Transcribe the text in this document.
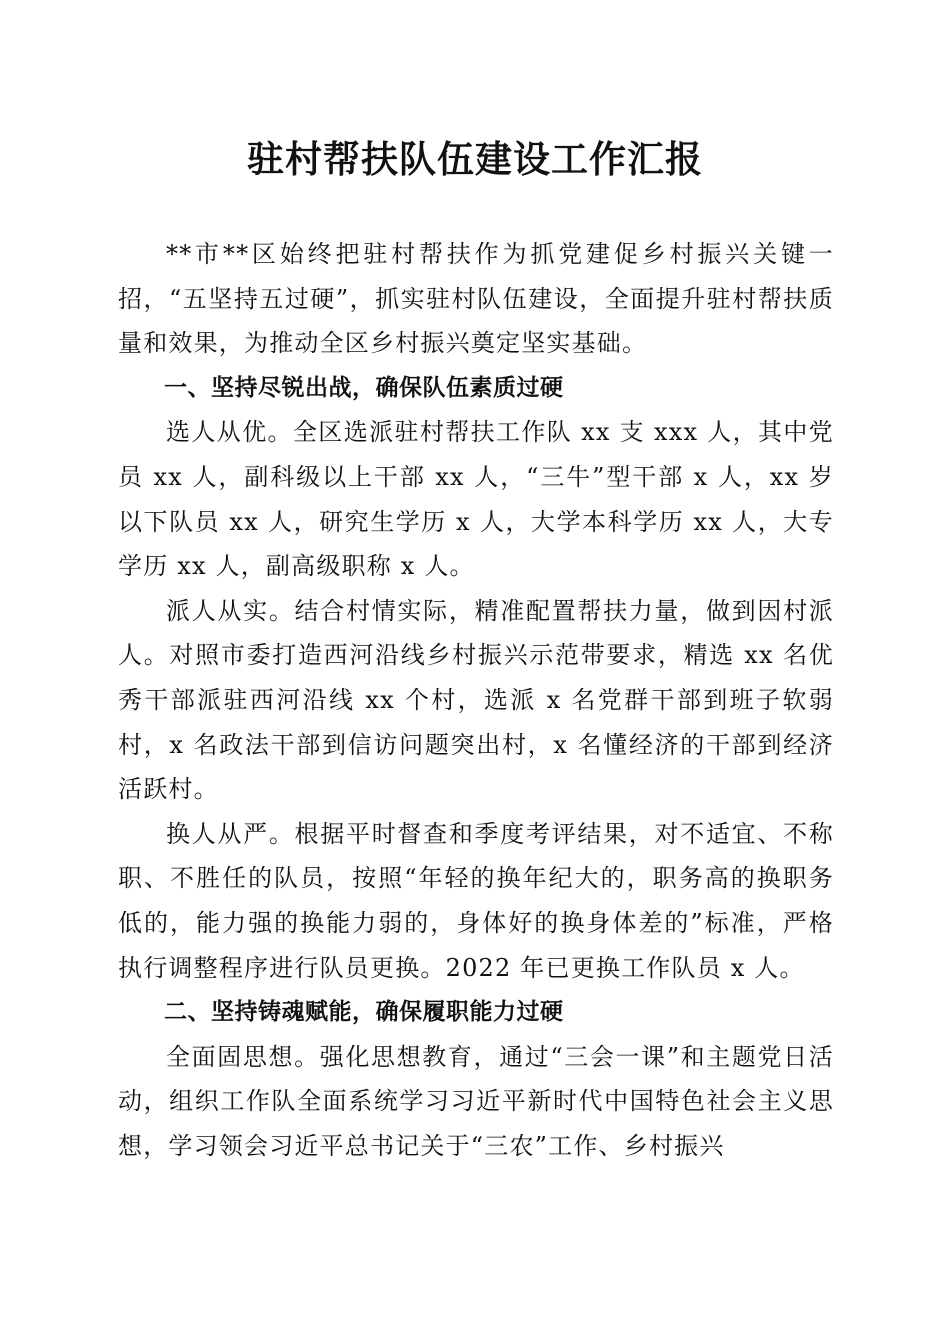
驻村帮扶队伍建设工作汇报

**市**区始终把驻村帮扶作为抓党建促乡村振兴关键一招，“五坚持五过硬”，抓实驻村队伍建设，全面提升驻村帮扶质量和效果，为推动全区乡村振兴奠定坚实基础。

一、坚持尽锐出战，确保队伍素质过硬

选人从优。全区选派驻村帮扶工作队 xx 支 xxx 人，其中党员 xx 人，副科级以上干部 xx 人，“三牛”型干部 x 人，xx 岁以下队员 xx 人，研究生学历 x 人，大学本科学历 xx 人，大专学历 xx 人，副高级职称 x 人。

派人从实。结合村情实际，精准配置帮扶力量，做到因村派人。对照市委打造西河沿线乡村振兴示范带要求，精选 xx 名优秀干部派驻西河沿线 xx 个村，选派 x 名党群干部到班子软弱村，x 名政法干部到信访问题突出村，x 名懂经济的干部到经济活跃村。

换人从严。根据平时督查和季度考评结果，对不适宜、不称职、不胜任的队员，按照“年轻的换年纪大的，职务高的换职务低的，能力强的换能力弱的，身体好的换身体差的”标准，严格执行调整程序进行队员更换。2022 年已更换工作队员 x 人。

二、坚持铸魂赋能，确保履职能力过硬

全面固思想。强化思想教育，通过“三会一课”和主题党日活动，组织工作队全面系统学习习近平新时代中国特色社会主义思想，学习领会习近平总书记关于“三农”工作、乡村振兴
